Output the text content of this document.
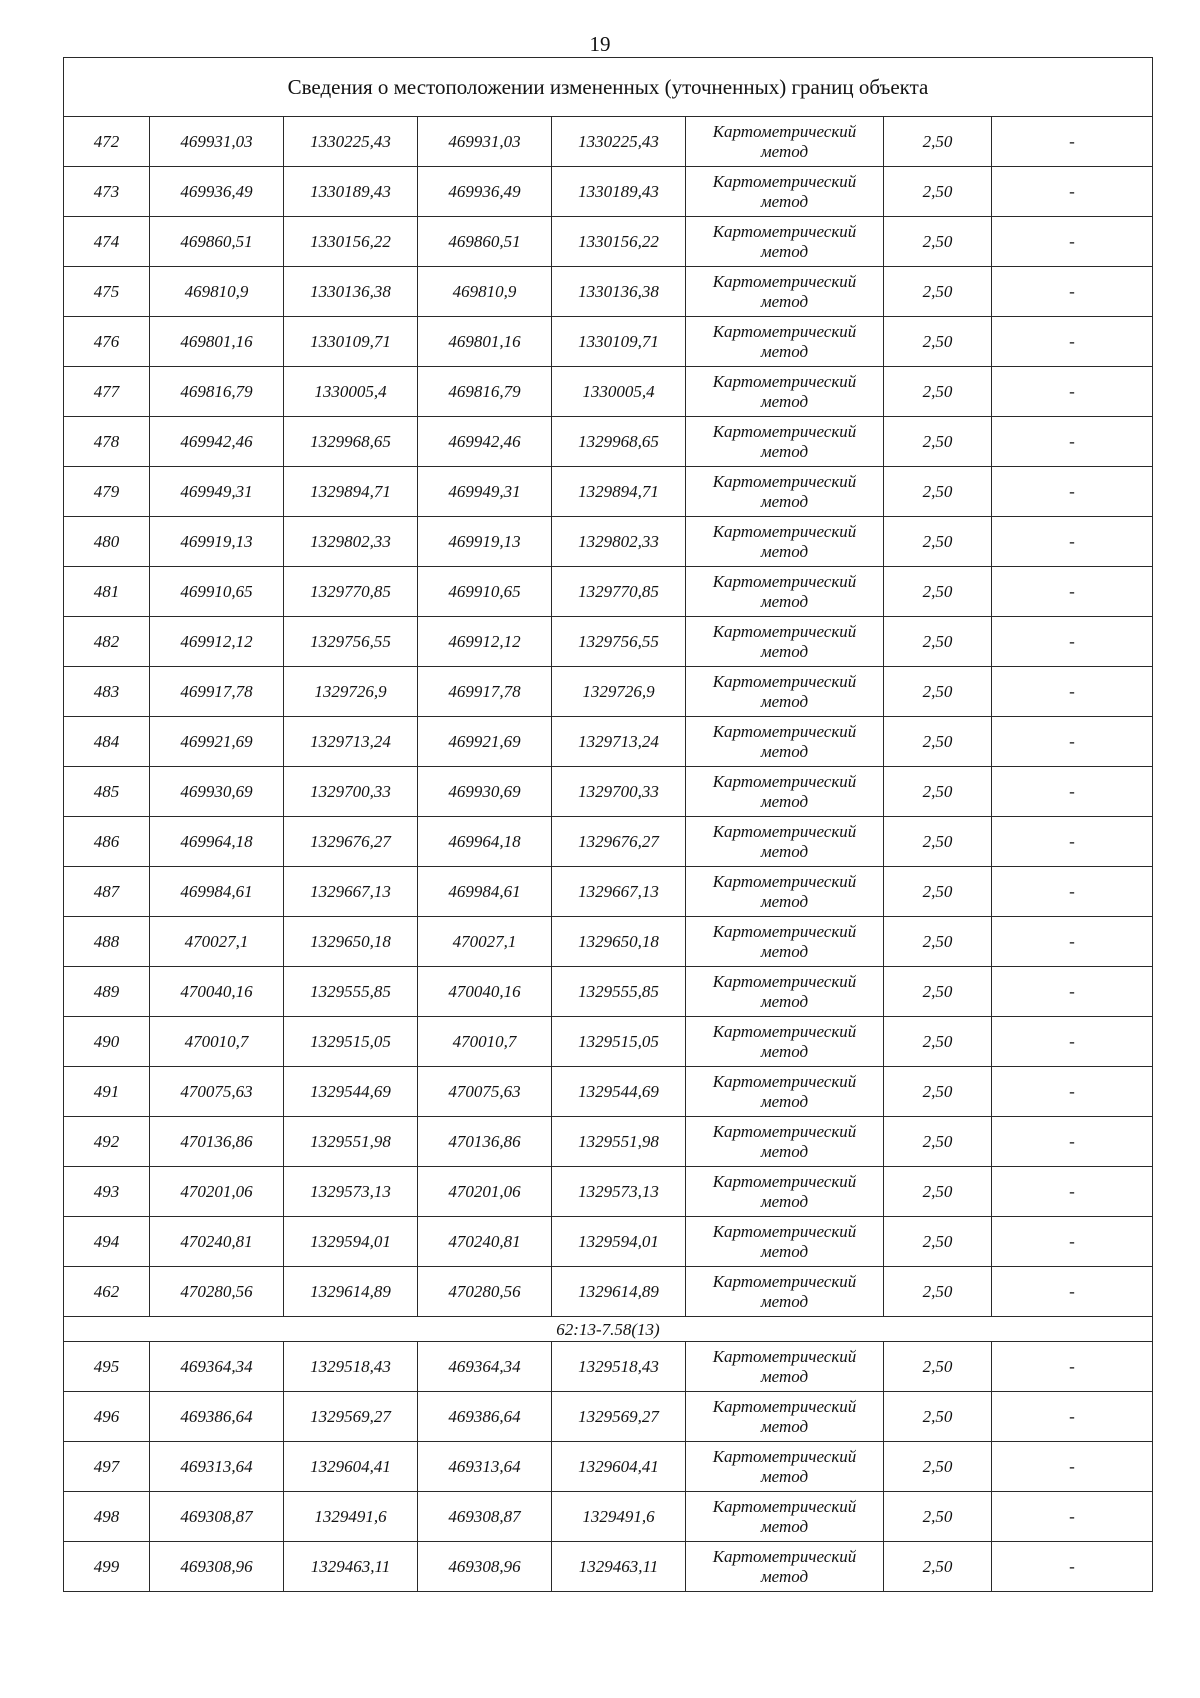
19
Сведения о местоположении измененных (уточненных) границ объекта							
472	469931,03	1330225,43	469931,03	1330225,43	Картометрический
метод	2,50	-
473	469936,49	1330189,43	469936,49	1330189,43	Картометрический
метод	2,50	-
474	469860,51	1330156,22	469860,51	1330156,22	Картометрический
метод	2,50	-
475	469810,9	1330136,38	469810,9	1330136,38	Картометрический
метод	2,50	-
476	469801,16	1330109,71	469801,16	1330109,71	Картометрический
метод	2,50	-
477	469816,79	1330005,4	469816,79	1330005,4	Картометрический
метод	2,50	-
478	469942,46	1329968,65	469942,46	1329968,65	Картометрический
метод	2,50	-
479	469949,31	1329894,71	469949,31	1329894,71	Картометрический
метод	2,50	-
480	469919,13	1329802,33	469919,13	1329802,33	Картометрический
метод	2,50	-
481	469910,65	1329770,85	469910,65	1329770,85	Картометрический
метод	2,50	-
482	469912,12	1329756,55	469912,12	1329756,55	Картометрический
метод	2,50	-
483	469917,78	1329726,9	469917,78	1329726,9	Картометрический
метод	2,50	-
484	469921,69	1329713,24	469921,69	1329713,24	Картометрический
метод	2,50	-
485	469930,69	1329700,33	469930,69	1329700,33	Картометрический
метод	2,50	-
486	469964,18	1329676,27	469964,18	1329676,27	Картометрический
метод	2,50	-
487	469984,61	1329667,13	469984,61	1329667,13	Картометрический
метод	2,50	-
488	470027,1	1329650,18	470027,1	1329650,18	Картометрический
метод	2,50	-
489	470040,16	1329555,85	470040,16	1329555,85	Картометрический
метод	2,50	-
490	470010,7	1329515,05	470010,7	1329515,05	Картометрический
метод	2,50	-
491	470075,63	1329544,69	470075,63	1329544,69	Картометрический
метод	2,50	-
492	470136,86	1329551,98	470136,86	1329551,98	Картометрический
метод	2,50	-
493	470201,06	1329573,13	470201,06	1329573,13	Картометрический
метод	2,50	-
494	470240,81	1329594,01	470240,81	1329594,01	Картометрический
метод	2,50	-
462	470280,56	1329614,89	470280,56	1329614,89	Картометрический
метод	2,50	-
62:13-7.58(13)							
495	469364,34	1329518,43	469364,34	1329518,43	Картометрический
метод	2,50	-
496	469386,64	1329569,27	469386,64	1329569,27	Картометрический
метод	2,50	-
497	469313,64	1329604,41	469313,64	1329604,41	Картометрический
метод	2,50	-
498	469308,87	1329491,6	469308,87	1329491,6	Картометрический
метод	2,50	-
499	469308,96	1329463,11	469308,96	1329463,11	Картометрический
метод	2,50	-
